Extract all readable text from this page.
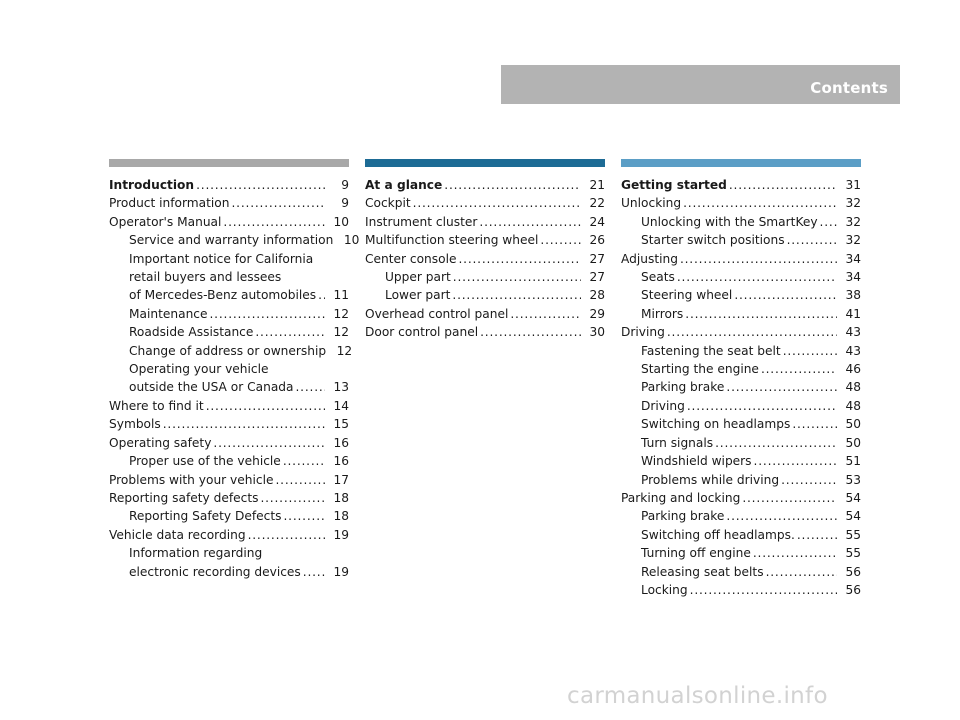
Contents
Introduction .....	9
Product information .....	9
Operator's Manual .....	10
Service and warranty information 10
Important notice for California
retail buyers and lessees
of Mercedes-Benz automobiles .....	11
Maintenance .....	12
Roadside Assistance .....	12
Change of address or ownership 12
Operating your vehicle
outside the USA or Canada .....	13
Where to find it .....	14
Symbols .....	15
Operating safety .....	16
Proper use of the vehicle .....	16
Problems with your vehicle .....	17
Reporting safety defects .....	18
Reporting Safety Defects .....	18
Vehicle data recording .....	19
Information regarding
electronic recording devices .....	19
At a glance .....	21
Cockpit .....	22
Instrument cluster .....	24
Multifunction steering wheel .....	26
Center console .....	27
Upper part .....	27
Lower part .....	28
Overhead control panel .....	29
Door control panel .....	30
Getting started .....	31
Unlocking .....	32
Unlocking with the SmartKey .....	32
Starter switch positions .....	32
Adjusting .....	34
Seats .....	34
Steering wheel .....	38
Mirrors .....	41
Driving .....	43
Fastening the seat belt .....	43
Starting the engine .....	46
Parking brake .....	48
Driving .....	48
Switching on headlamps .....	50
Turn signals .....	50
Windshield wipers .....	51
Problems while driving .....	53
Parking and locking .....	54
Parking brake .....	54
Switching off headlamps. .....	55
Turning off engine .....	55
Releasing seat belts .....	56
Locking .....	56
carmanualsonline.info
